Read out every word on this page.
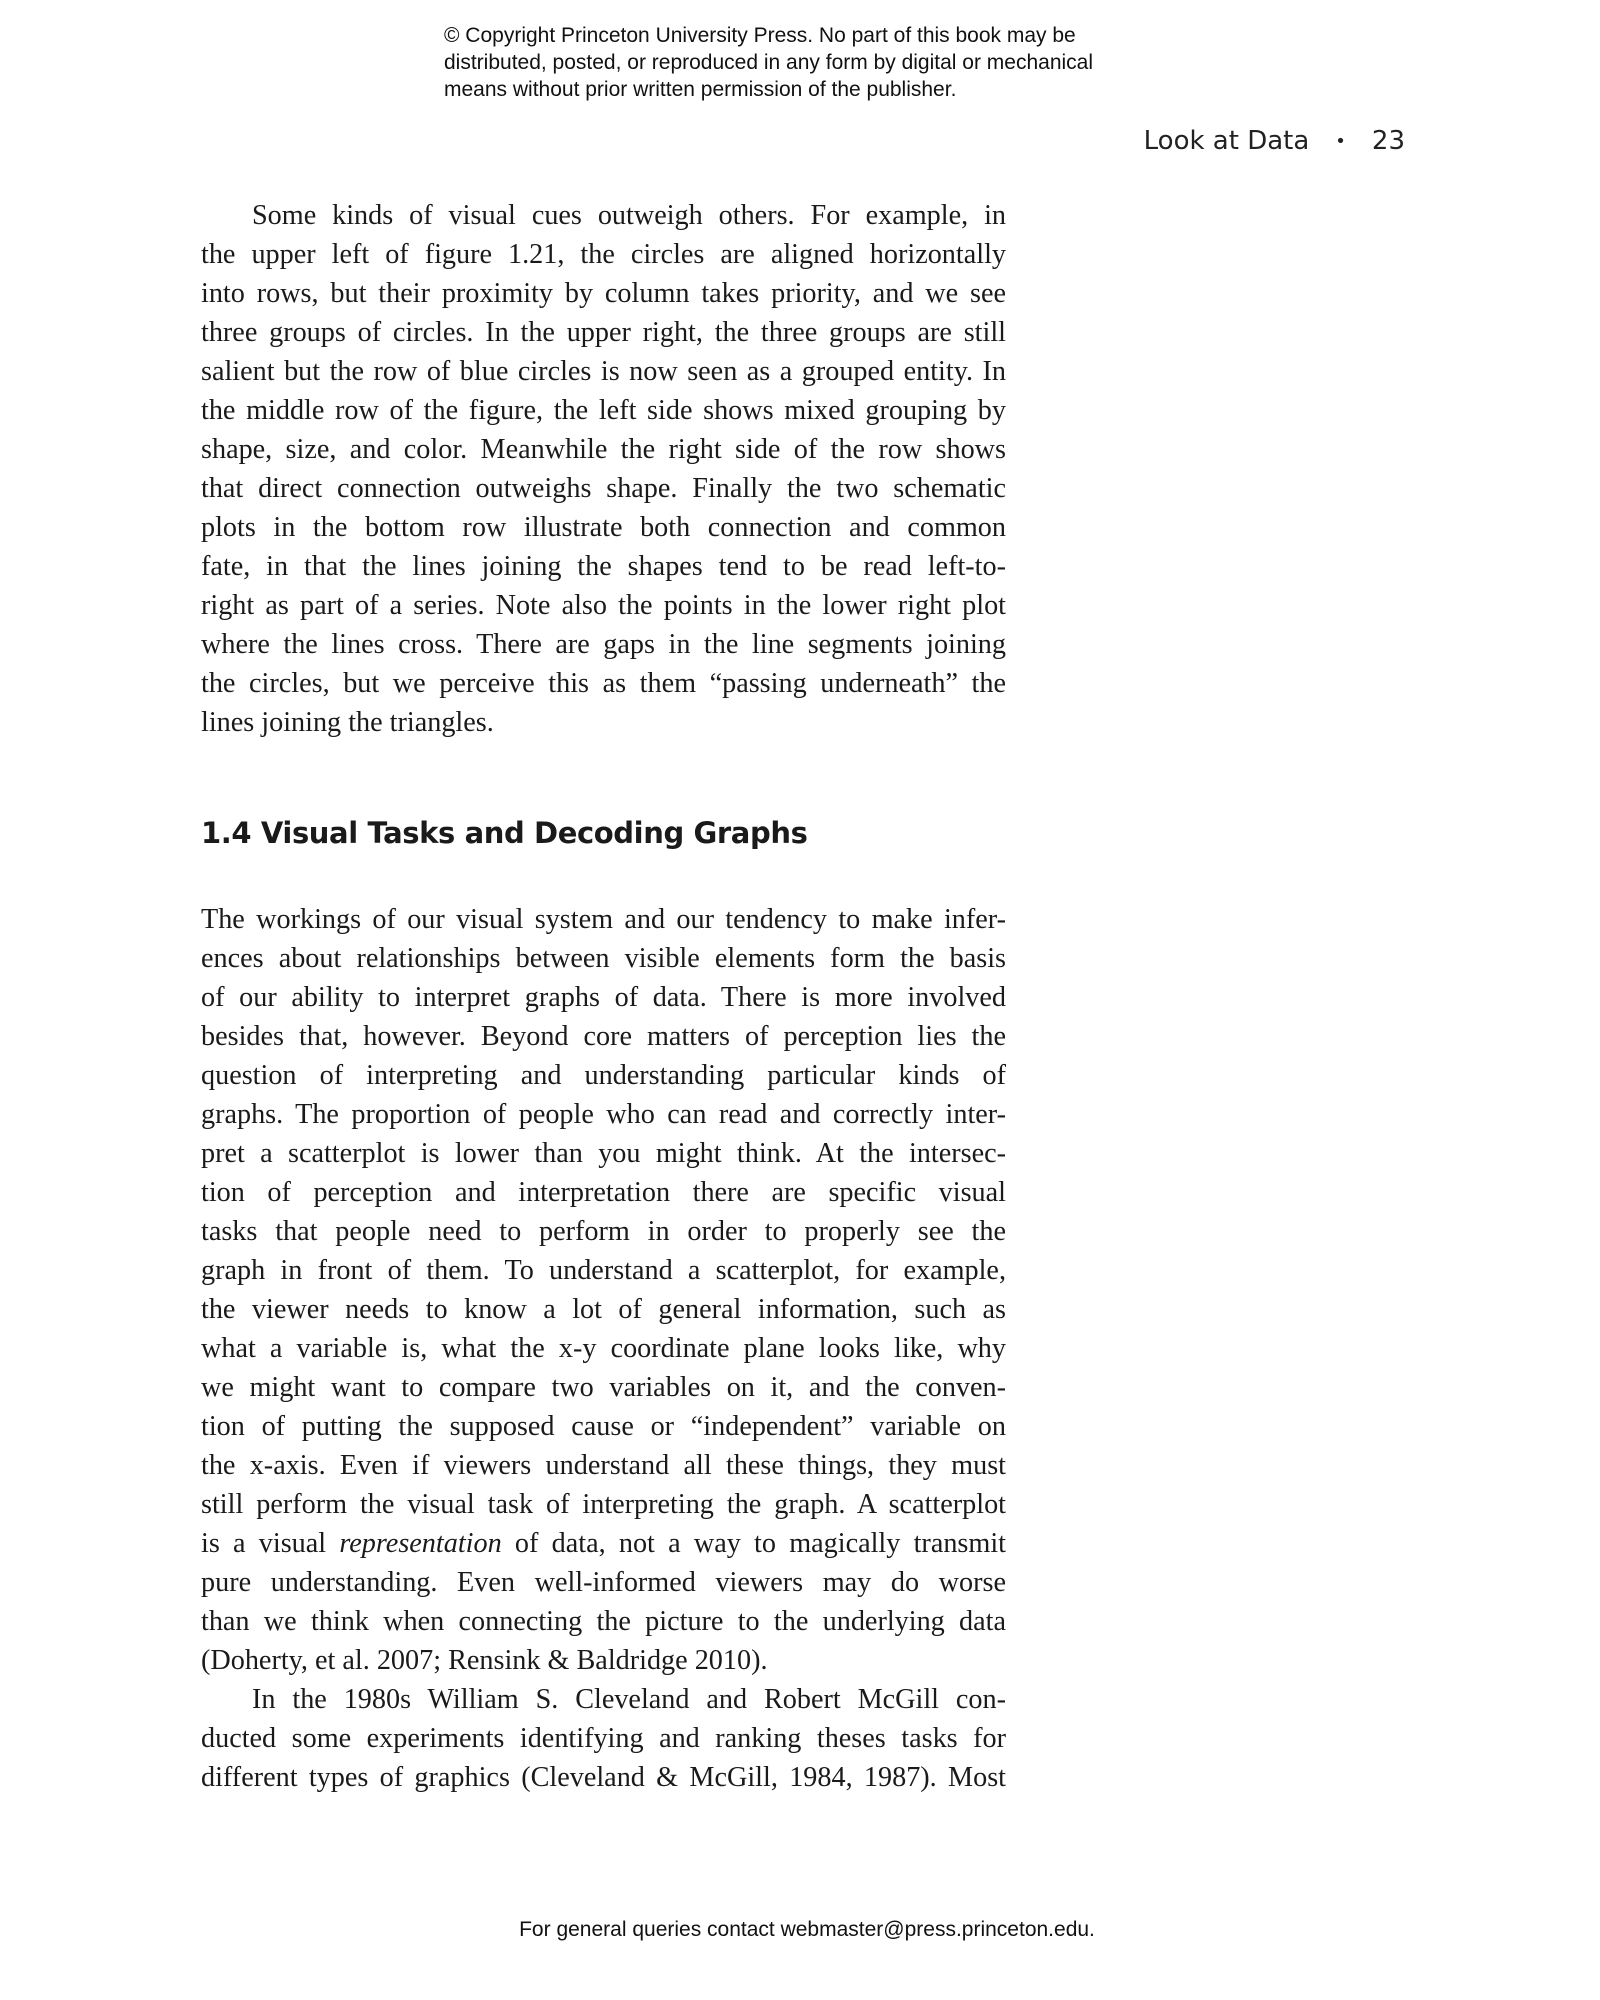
© Copyright Princeton University Press. No part of this book may be
distributed, posted, or reproduced in any form by digital or mechanical
means without prior written permission of the publisher.
Look at Data • 23
Some kinds of visual cues outweigh others. For example, in
the upper left of figure 1.21, the circles are aligned horizontally
into rows, but their proximity by column takes priority, and we see
three groups of circles. In the upper right, the three groups are still
salient but the row of blue circles is now seen as a grouped entity. In
the middle row of the figure, the left side shows mixed grouping by
shape, size, and color. Meanwhile the right side of the row shows
that direct connection outweighs shape. Finally the two schematic
plots in the bottom row illustrate both connection and common
fate, in that the lines joining the shapes tend to be read left-to-
right as part of a series. Note also the points in the lower right plot
where the lines cross. There are gaps in the line segments joining
the circles, but we perceive this as them “passing underneath” the
lines joining the triangles.
1.4 Visual Tasks and Decoding Graphs
The workings of our visual system and our tendency to make infer-
ences about relationships between visible elements form the basis
of our ability to interpret graphs of data. There is more involved
besides that, however. Beyond core matters of perception lies the
question of interpreting and understanding particular kinds of
graphs. The proportion of people who can read and correctly inter-
pret a scatterplot is lower than you might think. At the intersec-
tion of perception and interpretation there are specific visual
tasks that people need to perform in order to properly see the
graph in front of them. To understand a scatterplot, for example,
the viewer needs to know a lot of general information, such as
what a variable is, what the x-y coordinate plane looks like, why
we might want to compare two variables on it, and the conven-
tion of putting the supposed cause or “independent” variable on
the x-axis. Even if viewers understand all these things, they must
still perform the visual task of interpreting the graph. A scatterplot
is a visual representation of data, not a way to magically transmit
pure understanding. Even well-informed viewers may do worse
than we think when connecting the picture to the underlying data
(Doherty, et al. 2007; Rensink & Baldridge 2010).
In the 1980s William S. Cleveland and Robert McGill con-
ducted some experiments identifying and ranking theses tasks for
different types of graphics (Cleveland & McGill, 1984, 1987). Most
For general queries contact webmaster@press.princeton.edu.
